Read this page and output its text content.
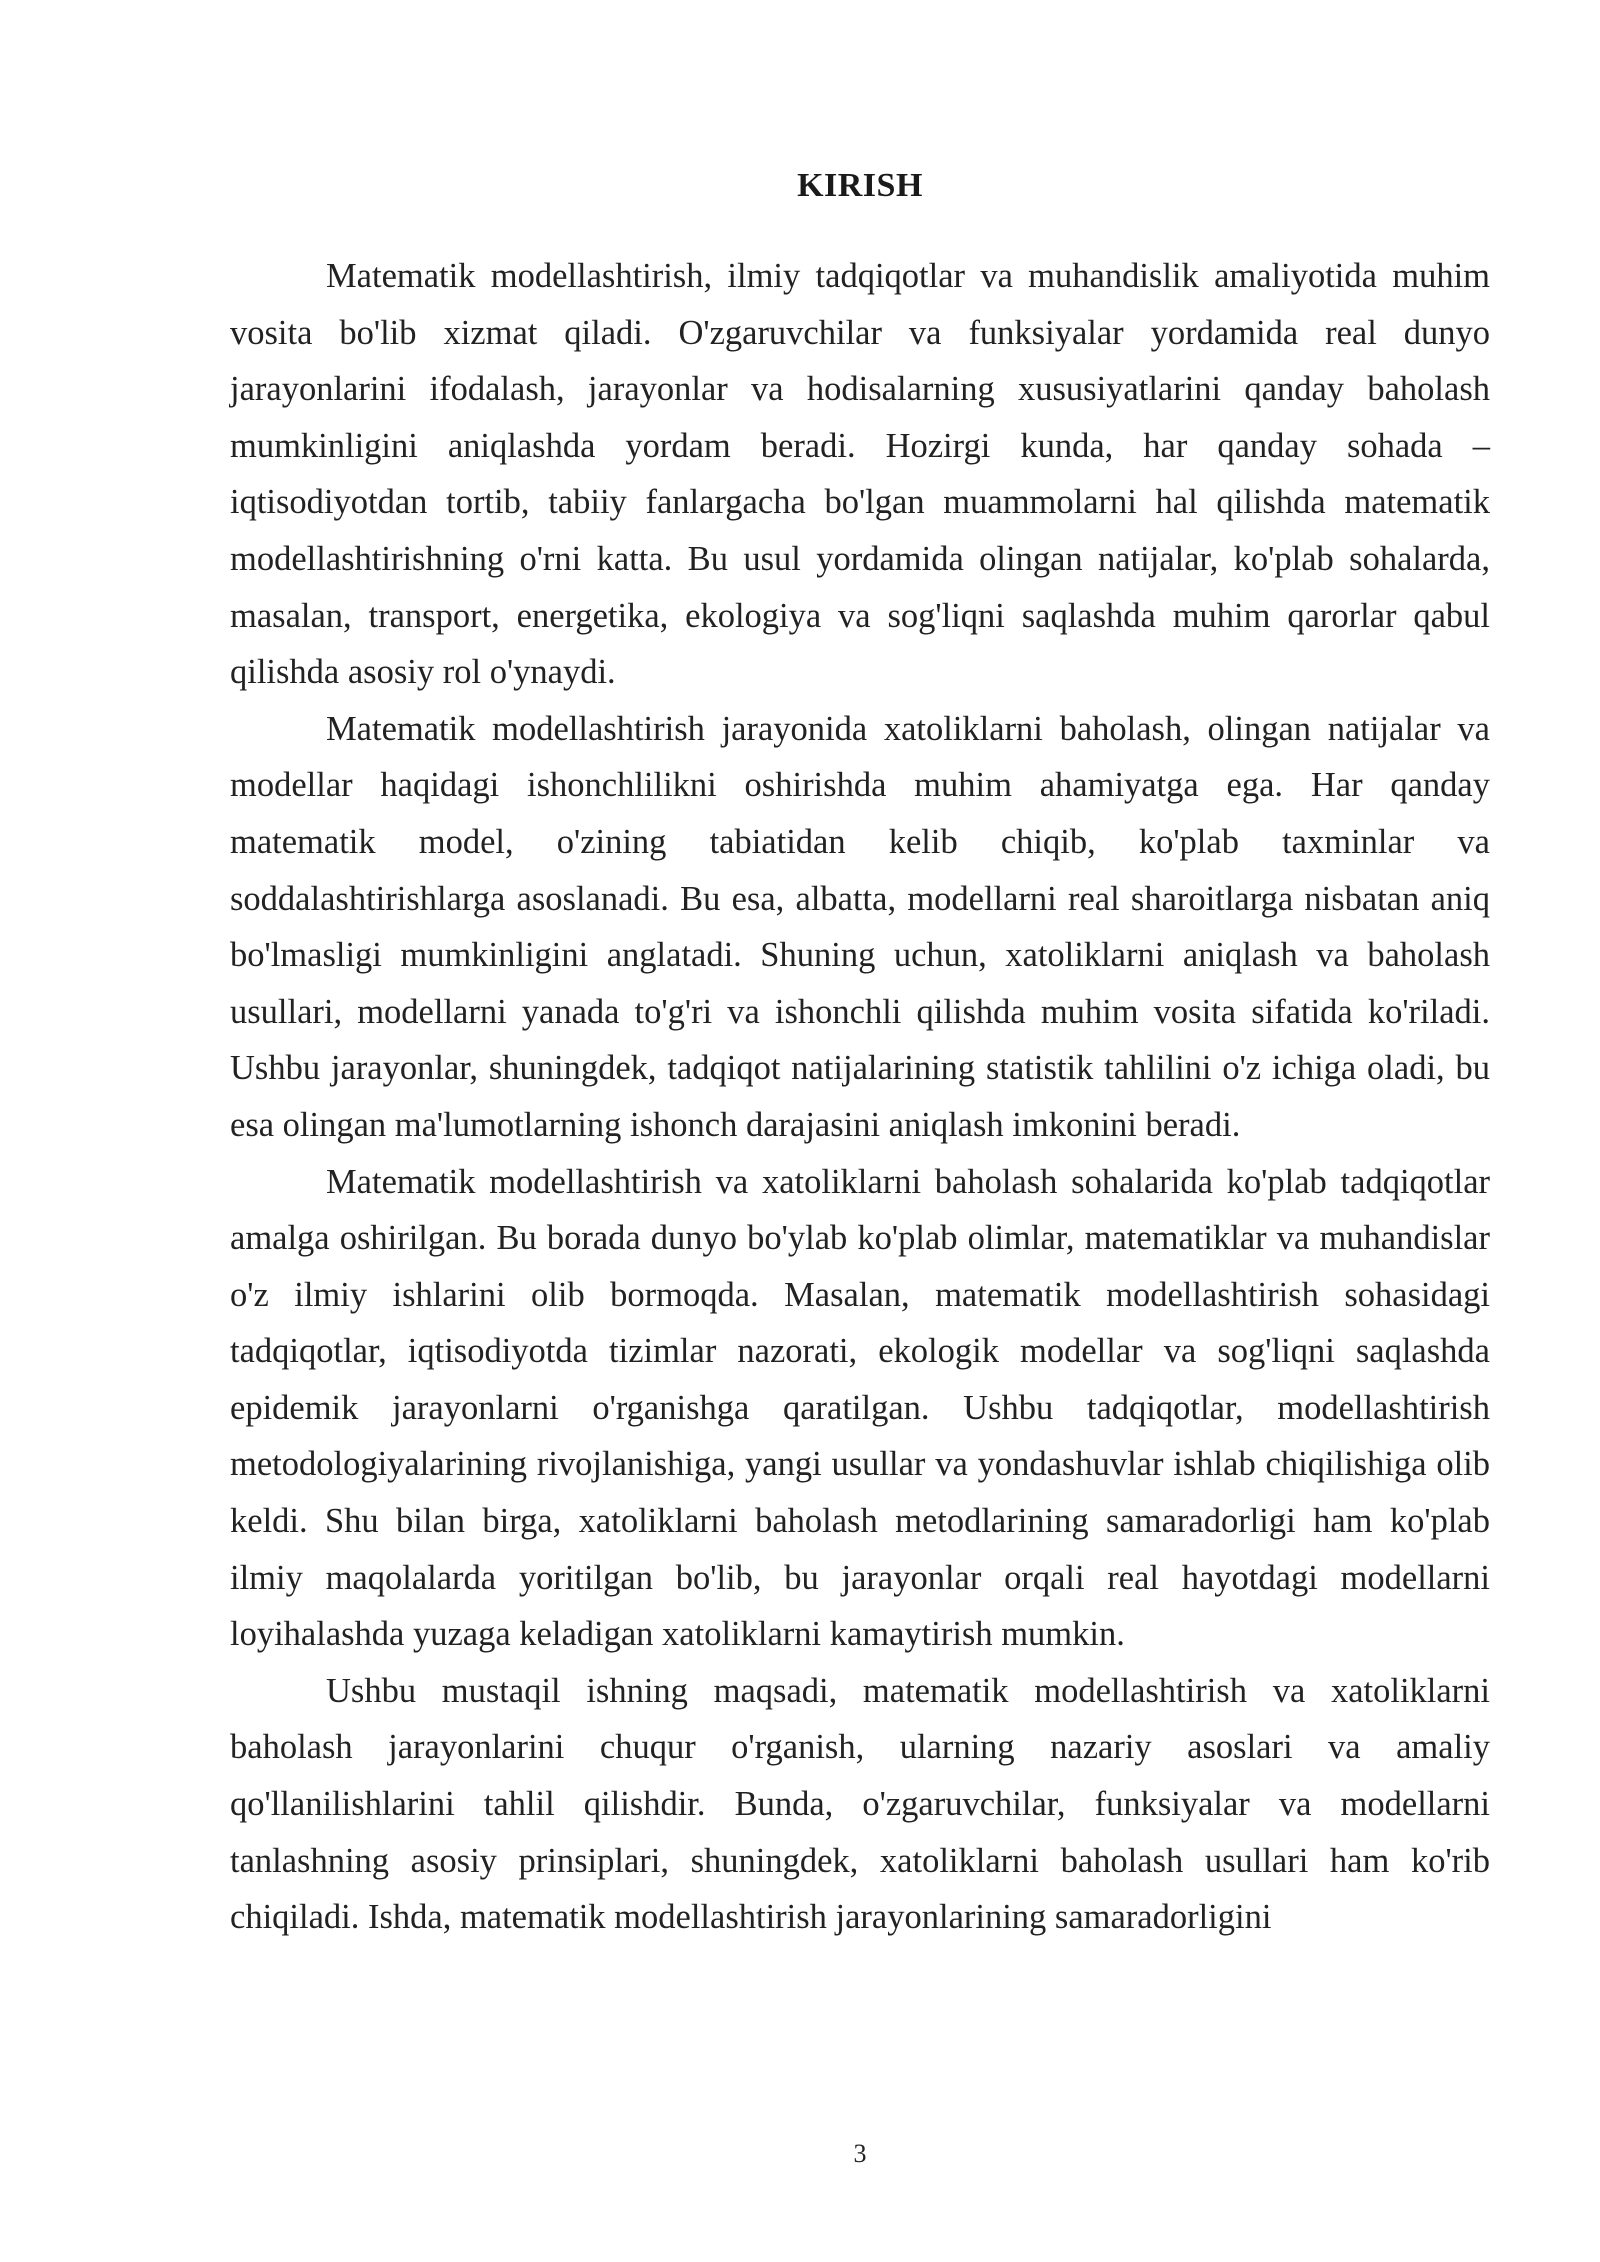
KIRISH

Matematik modellashtirish, ilmiy tadqiqotlar va muhandislik amaliyotida muhim vosita bo'lib xizmat qiladi. O'zgaruvchilar va funksiyalar yordamida real dunyo jarayonlarini ifodalash, jarayonlar va hodisalarning xususiyatlarini qanday baholash mumkinligini aniqlashda yordam beradi. Hozirgi kunda, har qanday sohada – iqtisodiyotdan tortib, tabiiy fanlargacha bo'lgan muammolarni hal qilishda matematik modellashtirishning o'rni katta. Bu usul yordamida olingan natijalar, ko'plab sohalarda, masalan, transport, energetika, ekologiya va sog'liqni saqlashda muhim qarorlar qabul qilishda asosiy rol o'ynaydi.

Matematik modellashtirish jarayonida xatoliklarni baholash, olingan natijalar va modellar haqidagi ishonchlilikni oshirishda muhim ahamiyatga ega. Har qanday matematik model, o'zining tabiatidan kelib chiqib, ko'plab taxminlar va soddalashtirishlarga asoslanadi. Bu esa, albatta, modellarni real sharoitlarga nisbatan aniq bo'lmasligi mumkinligini anglatadi. Shuning uchun, xatoliklarni aniqlash va baholash usullari, modellarni yanada to'g'ri va ishonchli qilishda muhim vosita sifatida ko'riladi. Ushbu jarayonlar, shuningdek, tadqiqot natijalarining statistik tahlilini o'z ichiga oladi, bu esa olingan ma'lumotlarning ishonch darajasini aniqlash imkonini beradi.

Matematik modellashtirish va xatoliklarni baholash sohalarida ko'plab tadqiqotlar amalga oshirilgan. Bu borada dunyo bo'ylab ko'plab olimlar, matematiklar va muhandislar o'z ilmiy ishlarini olib bormoqda. Masalan, matematik modellashtirish sohasidagi tadqiqotlar, iqtisodiyotda tizimlar nazorati, ekologik modellar va sog'liqni saqlashda epidemik jarayonlarni o'rganishga qaratilgan. Ushbu tadqiqotlar, modellashtirish metodologiyalarining rivojlanishiga, yangi usullar va yondashuvlar ishlab chiqilishiga olib keldi. Shu bilan birga, xatoliklarni baholash metodlarining samaradorligi ham ko'plab ilmiy maqolalarda yoritilgan bo'lib, bu jarayonlar orqali real hayotdagi modellarni loyihalashda yuzaga keladigan xatoliklarni kamaytirish mumkin.

Ushbu mustaqil ishning maqsadi, matematik modellashtirish va xatoliklarni baholash jarayonlarini chuqur o'rganish, ularning nazariy asoslari va amaliy qo'llanilishlarini tahlil qilishdir. Bunda, o'zgaruvchilar, funksiyalar va modellarni tanlashning asosiy prinsiplari, shuningdek, xatoliklarni baholash usullari ham ko'rib chiqiladi. Ishda, matematik modellashtirish jarayonlarining samaradorligini

3
